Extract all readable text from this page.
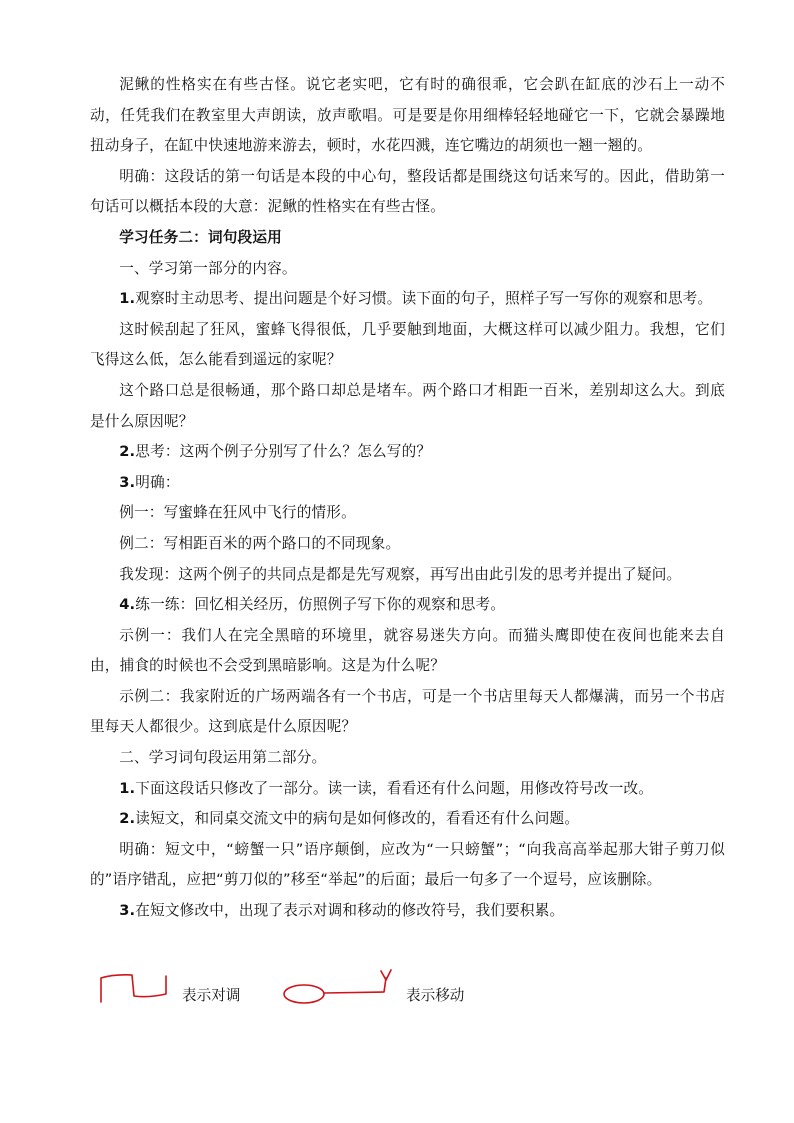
泥鳅的性格实在有些古怪。说它老实吧，它有时的确很乖，它会趴在缸底的沙石上一动不动，任凭我们在教室里大声朗读，放声歌唱。可是要是你用细棒轻轻地碰它一下，它就会暴躁地扭动身子，在缸中快速地游来游去，顿时，水花四溅，连它嘴边的胡须也一翘一翘的。

明确：这段话的第一句话是本段的中心句，整段话都是围绕这句话来写的。因此，借助第一句话可以概括本段的大意：泥鳅的性格实在有些古怪。

学习任务二：词句段运用

一、学习第一部分的内容。

1.观察时主动思考、提出问题是个好习惯。读下面的句子，照样子写一写你的观察和思考。

这时候刮起了狂风，蜜蜂飞得很低，几乎要触到地面，大概这样可以减少阻力。我想，它们飞得这么低，怎么能看到遥远的家呢？

这个路口总是很畅通，那个路口却总是堵车。两个路口才相距一百米，差别却这么大。到底是什么原因呢？

2.思考：这两个例子分别写了什么？怎么写的？

3.明确：

例一：写蜜蜂在狂风中飞行的情形。

例二：写相距百米的两个路口的不同现象。

我发现：这两个例子的共同点是都是先写观察，再写出由此引发的思考并提出了疑问。

4.练一练：回忆相关经历，仿照例子写下你的观察和思考。

示例一：我们人在完全黑暗的环境里，就容易迷失方向。而猫头鹰即使在夜间也能来去自由，捕食的时候也不会受到黑暗影响。这是为什么呢？

示例二：我家附近的广场两端各有一个书店，可是一个书店里每天人都爆满，而另一个书店里每天人都很少。这到底是什么原因呢？

二、学习词句段运用第二部分。

1.下面这段话只修改了一部分。读一读，看看还有什么问题，用修改符号改一改。

2.读短文，和同桌交流文中的病句是如何修改的，看看还有什么问题。

明确：短文中，“螃蟹一只”语序颠倒，应改为“一只螃蟹”；“向我高高举起那大钳子剪刀似的”语序错乱，应把“剪刀似的”移至“举起”的后面；最后一句多了一个逗号，应该删除。

3.在短文修改中，出现了表示对调和移动的修改符号，我们要积累。

表示对调	表示移动
